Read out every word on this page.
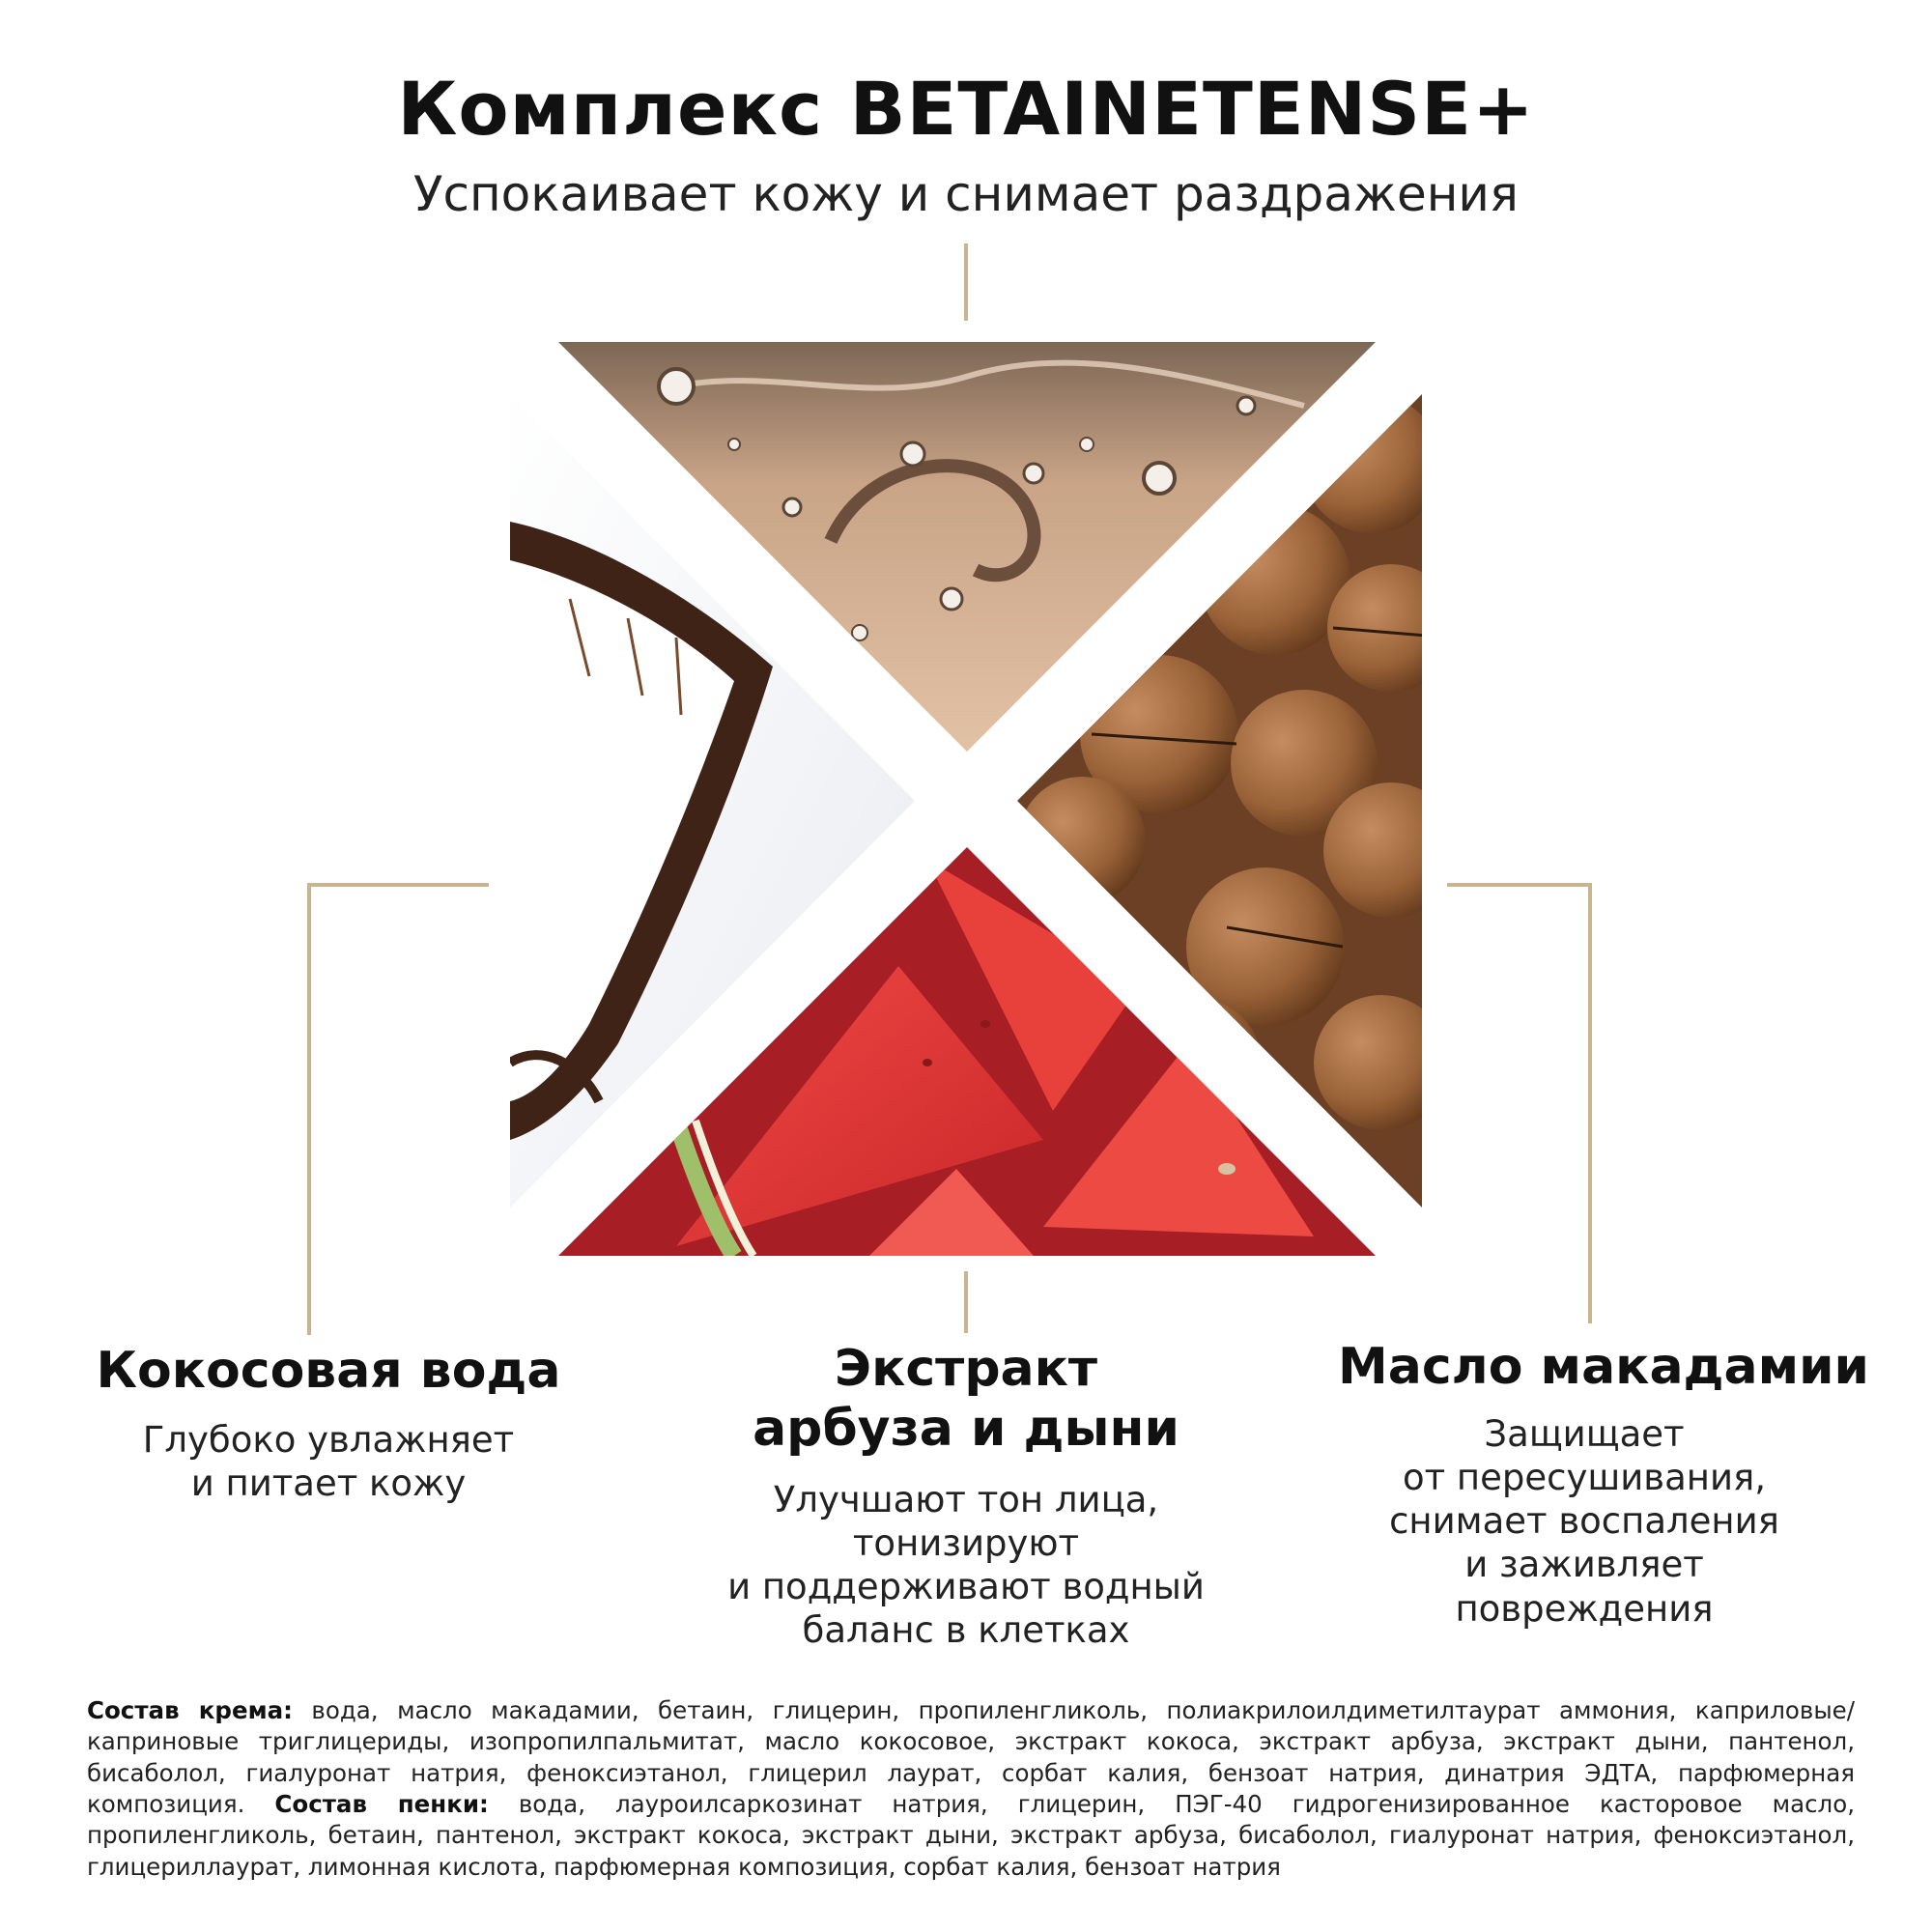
Комплекс BETAINETENSE+
Успокаивает кожу и снимает раздражения
Кокосовая вода
Глубоко увлажняет
и питает кожу
Экстракт
арбуза и дыни
Улучшают тон лица,
тонизируют
и поддерживают водный
баланс в клетках
Масло макадамии
Защищает
от пересушивания,
снимает воспаления
и заживляет
повреждения
Состав крема: вода, масло макадамии, бетаин, глицерин, пропиленгликоль, полиакрилоилдиметилтаурат аммония, каприловые/каприновые триглицериды, изопропилпальмитат, масло кокосовое, экстракт кокоса, экстракт арбуза, экстракт дыни, пантенол, бисаболол, гиалуронат натрия, феноксиэтанол, глицерил лаурат, сорбат калия, бензоат натрия, динатрия ЭДТА, парфюмерная композиция. Состав пенки: вода, лауроилсаркозинат натрия, глицерин, ПЭГ-40 гидрогенизированное касторовое масло, пропиленгликоль, бетаин, пантенол, экстракт кокоса, экстракт дыни, экстракт арбуза, бисаболол, гиалуронат натрия, феноксиэтанол, глицериллаурат, лимонная кислота, парфюмерная композиция, сорбат калия, бензоат натрия
